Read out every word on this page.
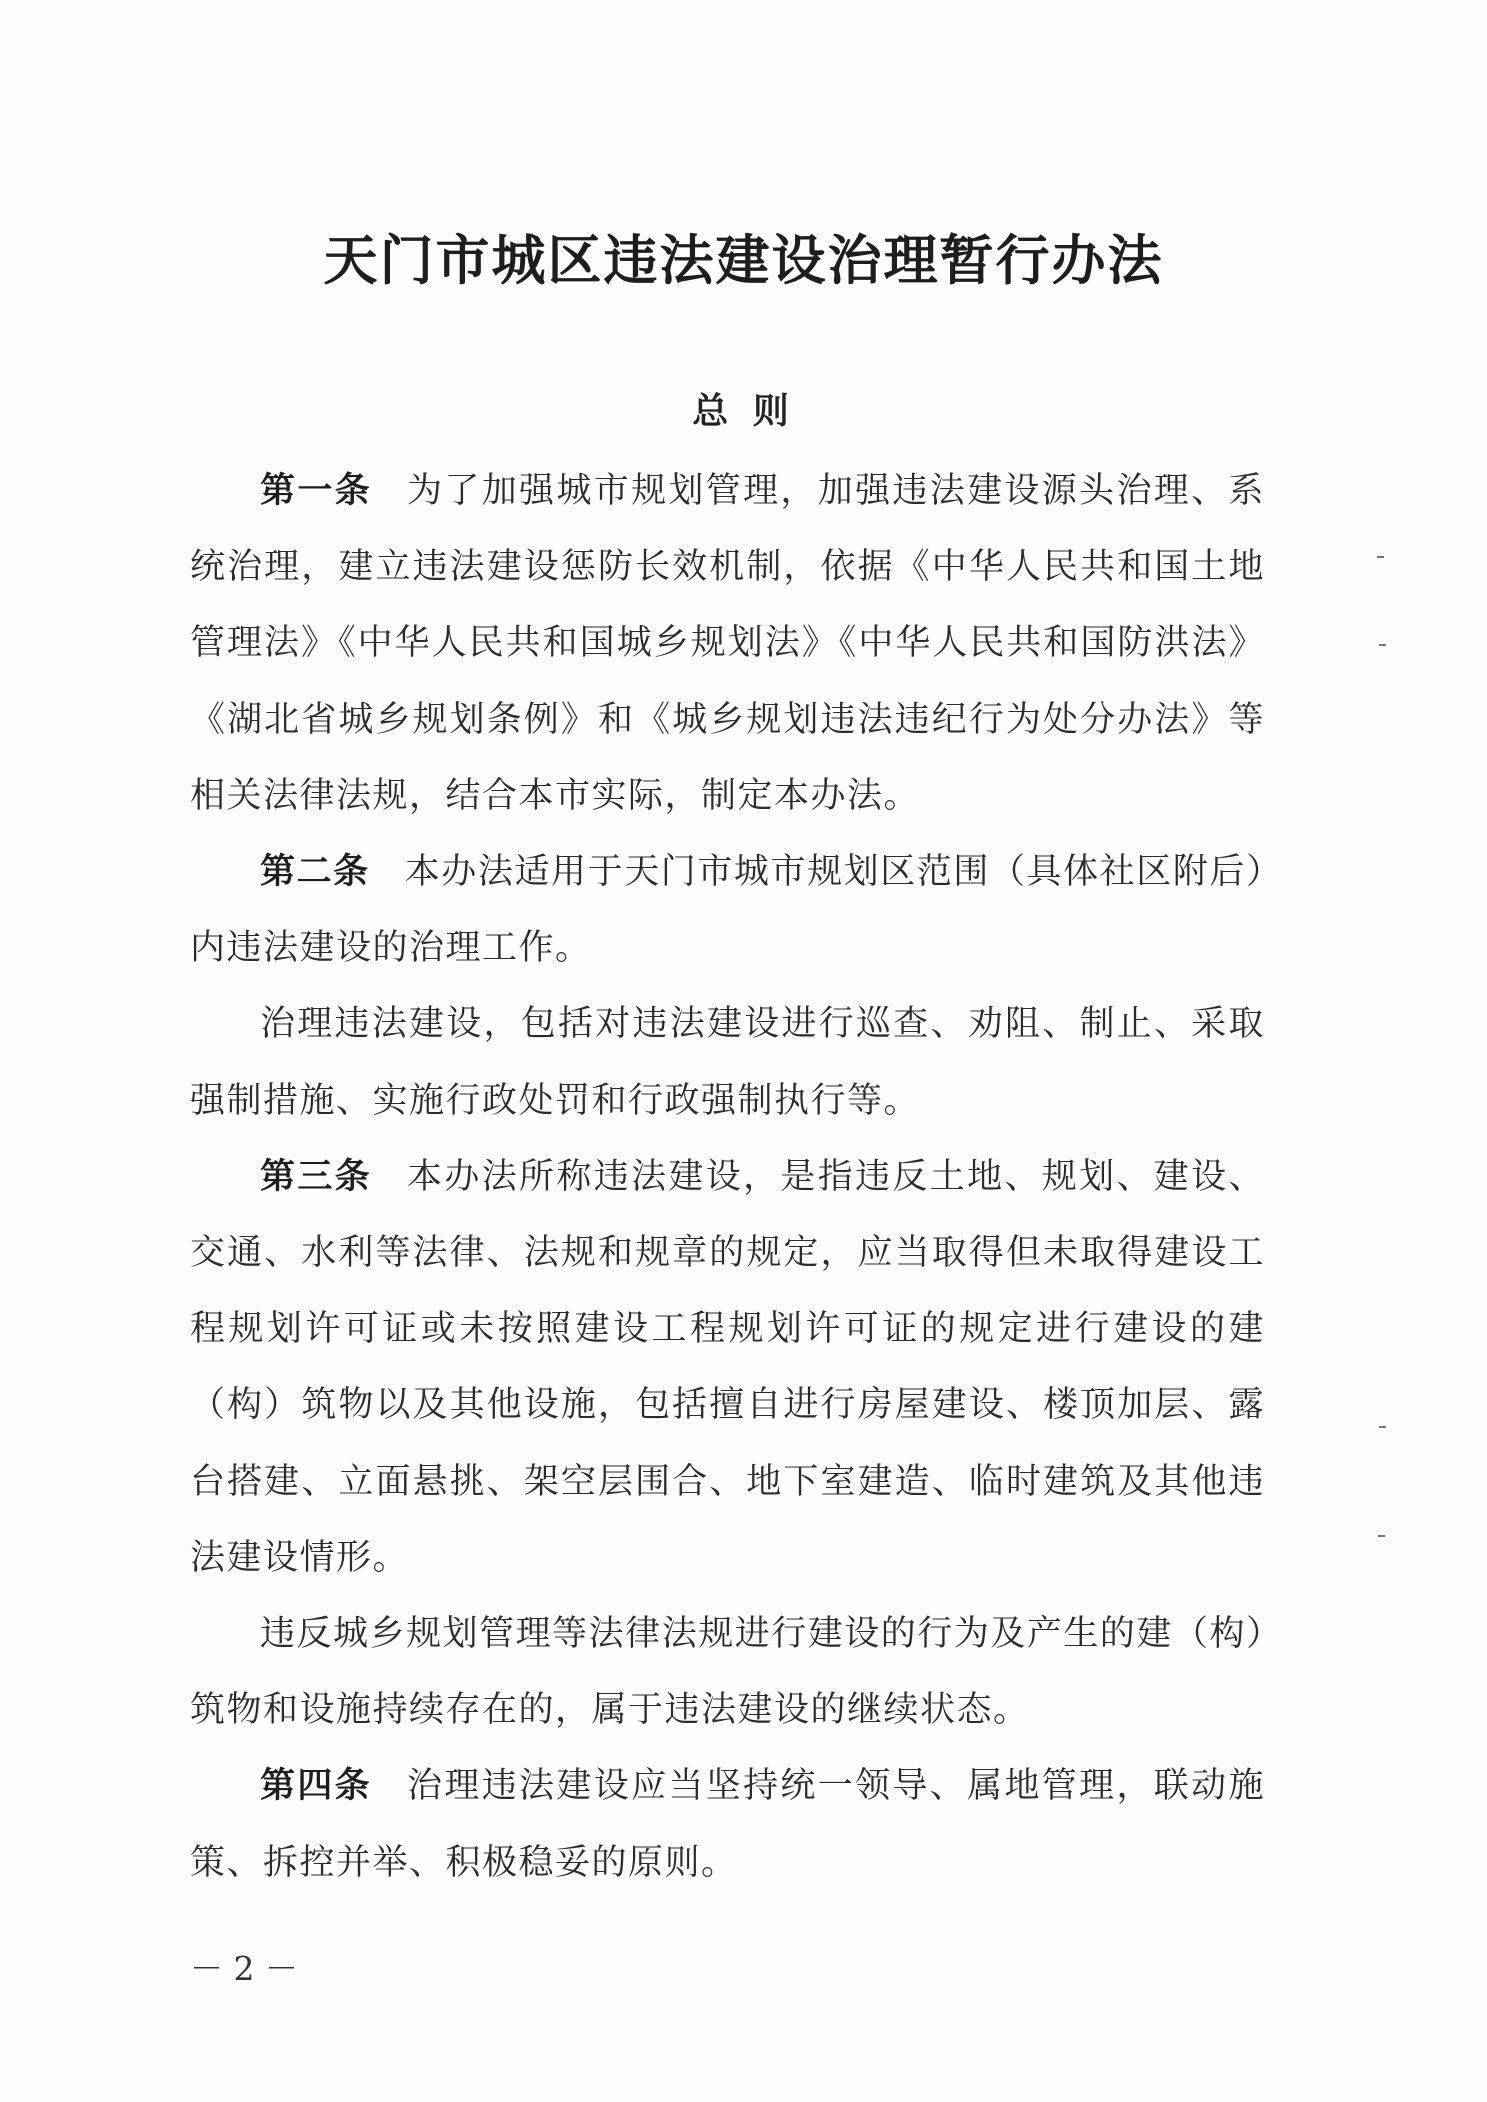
天门市城区违法建设治理暂行办法
总 则

第一条 为了加强城市规划管理，加强违法建设源头治理、系统治理，建立违法建设惩防长效机制，依据《中华人民共和国土地管理法》《中华人民共和国城乡规划法》《中华人民共和国防洪法》《湖北省城乡规划条例》和《城乡规划违法违纪行为处分办法》等相关法律法规，结合本市实际，制定本办法。

第二条 本办法适用于天门市城市规划区范围（具体社区附后）内违法建设的治理工作。

治理违法建设，包括对违法建设进行巡查、劝阻、制止、采取强制措施、实施行政处罚和行政强制执行等。

第三条 本办法所称违法建设，是指违反土地、规划、建设、交通、水利等法律、法规和规章的规定，应当取得但未取得建设工程规划许可证或未按照建设工程规划许可证的规定进行建设的建（构）筑物以及其他设施，包括擅自进行房屋建设、楼顶加层、露台搭建、立面悬挑、架空层围合、地下室建造、临时建筑及其他违法建设情形。

违反城乡规划管理等法律法规进行建设的行为及产生的建（构）筑物和设施持续存在的，属于违法建设的继续状态。

第四条 治理违法建设应当坚持统一领导、属地管理，联动施策、拆控并举、积极稳妥的原则。

－ 2 －
